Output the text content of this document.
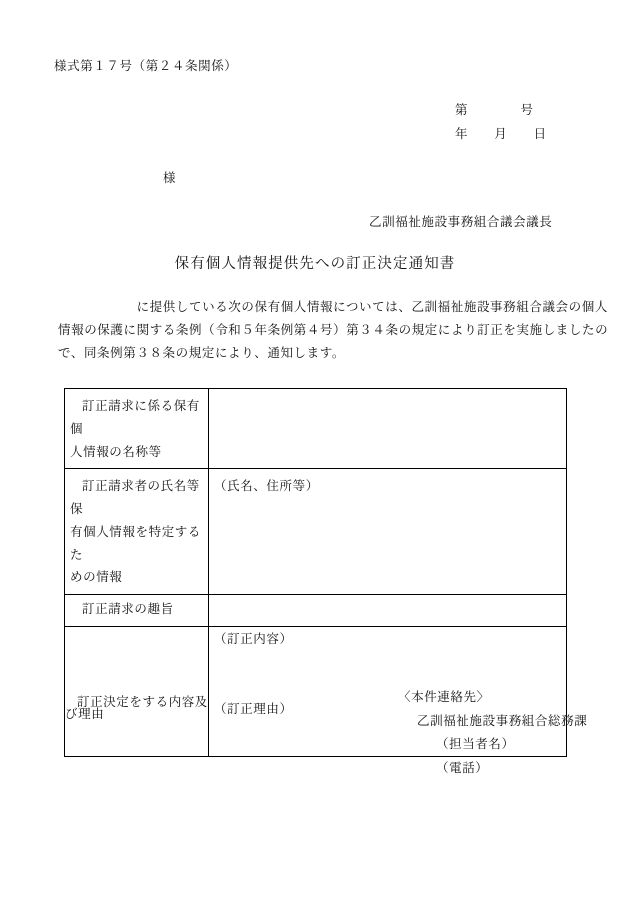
様式第１７号（第２４条関係）
第　　　　号
年　　月　　日
様
乙訓福祉施設事務組合議会議長
保有個人情報提供先への訂正決定通知書
　　　　　　に提供している次の保有個人情報については、乙訓福祉施設事務組合議会の個人
情報の保護に関する条例（令和５年条例第４号）第３４条の規定により訂正を実施しましたの
で、同条例第３８条の規定により、通知します。
訂正請求に係る保有個
人情報の名称等	

訂正請求者の氏名等保
有個人情報を特定するた
めの情報	（氏名、住所等）

訂正請求の趣旨	

訂正決定をする内容及
び理由	（訂正内容）
（訂正理由）
〈本件連絡先〉
乙訓福祉施設事務組合総務課
（担当者名）
（電話）
